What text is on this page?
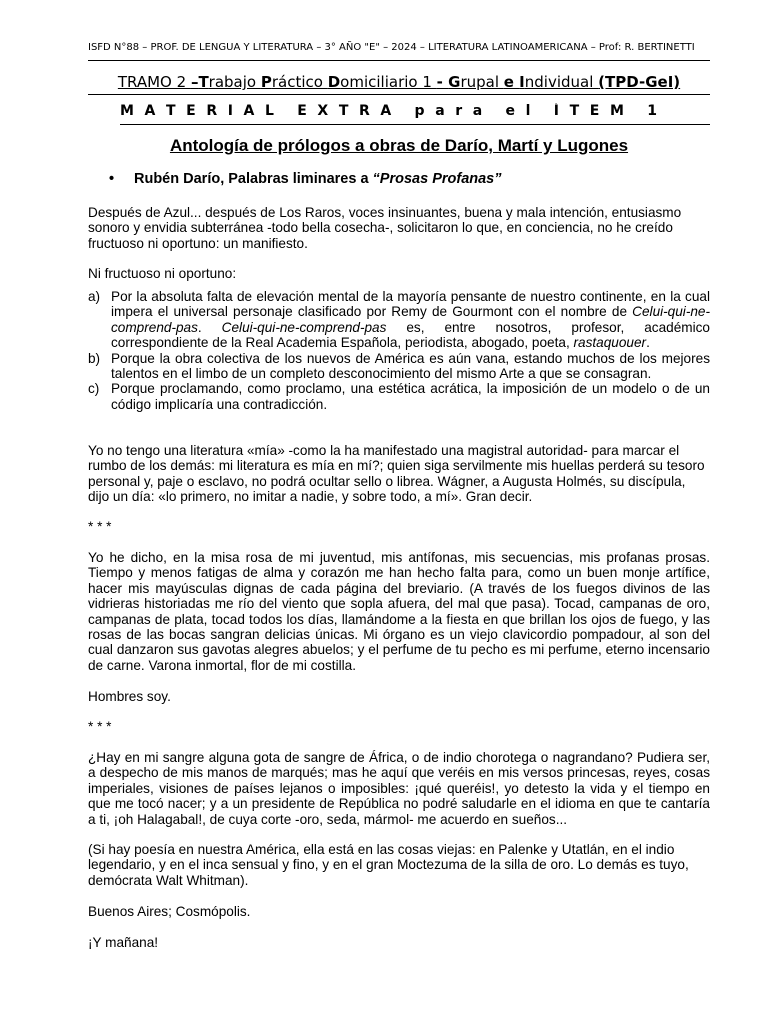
ISFD N°88 – PROF. DE LENGUA Y LITERATURA – 3° AÑO "E" – 2024 – LITERATURA LATINOAMERICANA – Prof: R. BERTINETTI
TRAMO 2 –Trabajo Práctico Domiciliario 1 - Grupal e Individual (TPD-GeI)
M A T E R I A L E X T R A p a r a e l Í T E M 1
Antología de prólogos a obras de Darío, Martí y Lugones
• Rubén Darío, Palabras liminares a “Prosas Profanas”
Después de Azul... después de Los Raros, voces insinuantes, buena y mala intención, entusiasmo sonoro y envidia subterránea -todo bella cosecha-, solicitaron lo que, en conciencia, no he creído fructuoso ni oportuno: un manifiesto.
Ni fructuoso ni oportuno:
a) Por la absoluta falta de elevación mental de la mayoría pensante de nuestro continente, en la cual impera el universal personaje clasificado por Remy de Gourmont con el nombre de Celui-qui-ne-comprend-pas. Celui-qui-ne-comprend-pas es, entre nosotros, profesor, académico correspondiente de la Real Academia Española, periodista, abogado, poeta, rastaquouer.
b) Porque la obra colectiva de los nuevos de América es aún vana, estando muchos de los mejores talentos en el limbo de un completo desconocimiento del mismo Arte a que se consagran.
c) Porque proclamando, como proclamo, una estética acrática, la imposición de un modelo o de un código implicaría una contradicción.
Yo no tengo una literatura «mía» -como la ha manifestado una magistral autoridad- para marcar el rumbo de los demás: mi literatura es mía en mí?; quien siga servilmente mis huellas perderá su tesoro personal y, paje o esclavo, no podrá ocultar sello o librea. Wágner, a Augusta Holmés, su discípula, dijo un día: «lo primero, no imitar a nadie, y sobre todo, a mí». Gran decir.
* * *
Yo he dicho, en la misa rosa de mi juventud, mis antífonas, mis secuencias, mis profanas prosas. Tiempo y menos fatigas de alma y corazón me han hecho falta para, como un buen monje artífice, hacer mis mayúsculas dignas de cada página del breviario. (A través de los fuegos divinos de las vidrieras historiadas me río del viento que sopla afuera, del mal que pasa). Tocad, campanas de oro, campanas de plata, tocad todos los días, llamándome a la fiesta en que brillan los ojos de fuego, y las rosas de las bocas sangran delicias únicas. Mi órgano es un viejo clavicordio pompadour, al son del cual danzaron sus gavotas alegres abuelos; y el perfume de tu pecho es mi perfume, eterno incensario de carne. Varona inmortal, flor de mi costilla.
Hombres soy.
* * *
¿Hay en mi sangre alguna gota de sangre de África, o de indio chorotega o nagrandano? Pudiera ser, a despecho de mis manos de marqués; mas he aquí que veréis en mis versos princesas, reyes, cosas imperiales, visiones de países lejanos o imposibles: ¡qué queréis!, yo detesto la vida y el tiempo en que me tocó nacer; y a un presidente de República no podré saludarle en el idioma en que te cantaría a ti, ¡oh Halagabal!, de cuya corte -oro, seda, mármol- me acuerdo en sueños...
(Si hay poesía en nuestra América, ella está en las cosas viejas: en Palenke y Utatlán, en el indio legendario, y en el inca sensual y fino, y en el gran Moctezuma de la silla de oro. Lo demás es tuyo, demócrata Walt Whitman).
Buenos Aires; Cosmópolis.
¡Y mañana!
